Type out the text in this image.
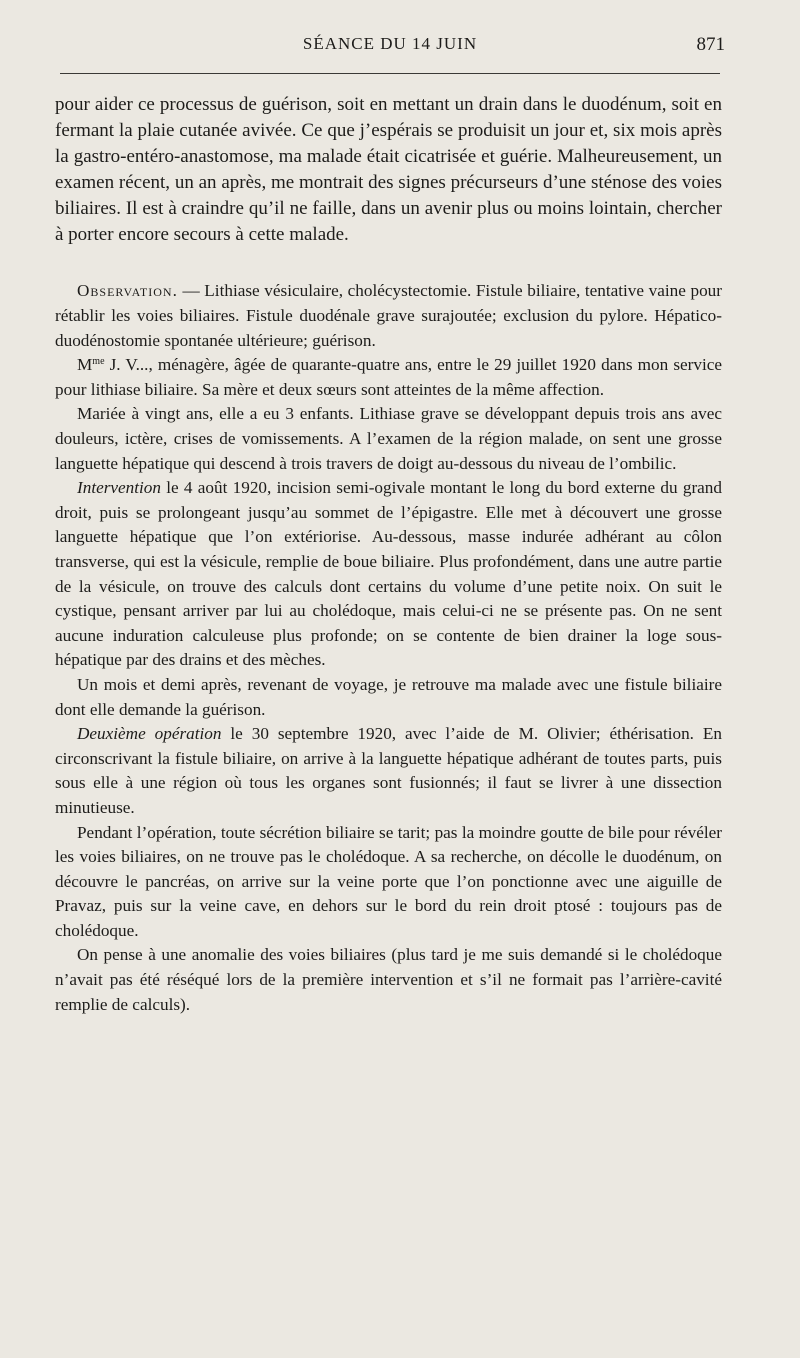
SÉANCE DU 14 JUIN	871

pour aider ce processus de guérison, soit en mettant un drain dans le duodénum, soit en fermant la plaie cutanée avivée. Ce que j’espérais se produisit un jour et, six mois après la gastro-entéro-anastomose, ma malade était cicatrisée et guérie. Malheureusement, un examen récent, un an après, me montrait des signes précurseurs d’une sténose des voies biliaires. Il est à craindre qu’il ne faille, dans un avenir plus ou moins lointain, chercher à porter encore secours à cette malade.

Observation. — Lithiase vésiculaire, cholécystectomie. Fistule biliaire, tentative vaine pour rétablir les voies biliaires. Fistule duodénale grave surajoutée; exclusion du pylore. Hépatico-duodénostomie spontanée ultérieure; guérison.

$M^{me}$ J. V..., ménagère, âgée de quarante-quatre ans, entre le 29 juillet 1920 dans mon service pour lithiase biliaire. Sa mère et deux sœurs sont atteintes de la même affection.

Mariée à vingt ans, elle a eu 3 enfants. Lithiase grave se développant depuis trois ans avec douleurs, ictère, crises de vomissements. A l’examen de la région malade, on sent une grosse languette hépatique qui descend à trois travers de doigt au-dessous du niveau de l’ombilic.

Intervention le 4 août 1920, incision semi-ogivale montant le long du bord externe du grand droit, puis se prolongeant jusqu’au sommet de l’épigastre. Elle met à découvert une grosse languette hépatique que l’on extériorise. Au-dessous, masse indurée adhérant au côlon transverse, qui est la vésicule, remplie de boue biliaire. Plus profondément, dans une autre partie de la vésicule, on trouve des calculs dont certains du volume d’une petite noix. On suit le cystique, pensant arriver par lui au cholédoque, mais celui-ci ne se présente pas. On ne sent aucune induration calculeuse plus profonde; on se contente de bien drainer la loge sous-hépatique par des drains et des mèches.

Un mois et demi après, revenant de voyage, je retrouve ma malade avec une fistule biliaire dont elle demande la guérison.

Deuxième opération le 30 septembre 1920, avec l’aide de M. Olivier; éthérisation. En circonscrivant la fistule biliaire, on arrive à la languette hépatique adhérant de toutes parts, puis sous elle à une région où tous les organes sont fusionnés; il faut se livrer à une dissection minutieuse.

Pendant l’opération, toute sécrétion biliaire se tarit; pas la moindre goutte de bile pour révéler les voies biliaires, on ne trouve pas le cholédoque. A sa recherche, on décolle le duodénum, on découvre le pancréas, on arrive sur la veine porte que l’on ponctionne avec une aiguille de Pravaz, puis sur la veine cave, en dehors sur le bord du rein droit ptosé : toujours pas de cholédoque.

On pense à une anomalie des voies biliaires (plus tard je me suis demandé si le cholédoque n’avait pas été réséqué lors de la première intervention et s’il ne formait pas l’arrière-cavité remplie de calculs).
